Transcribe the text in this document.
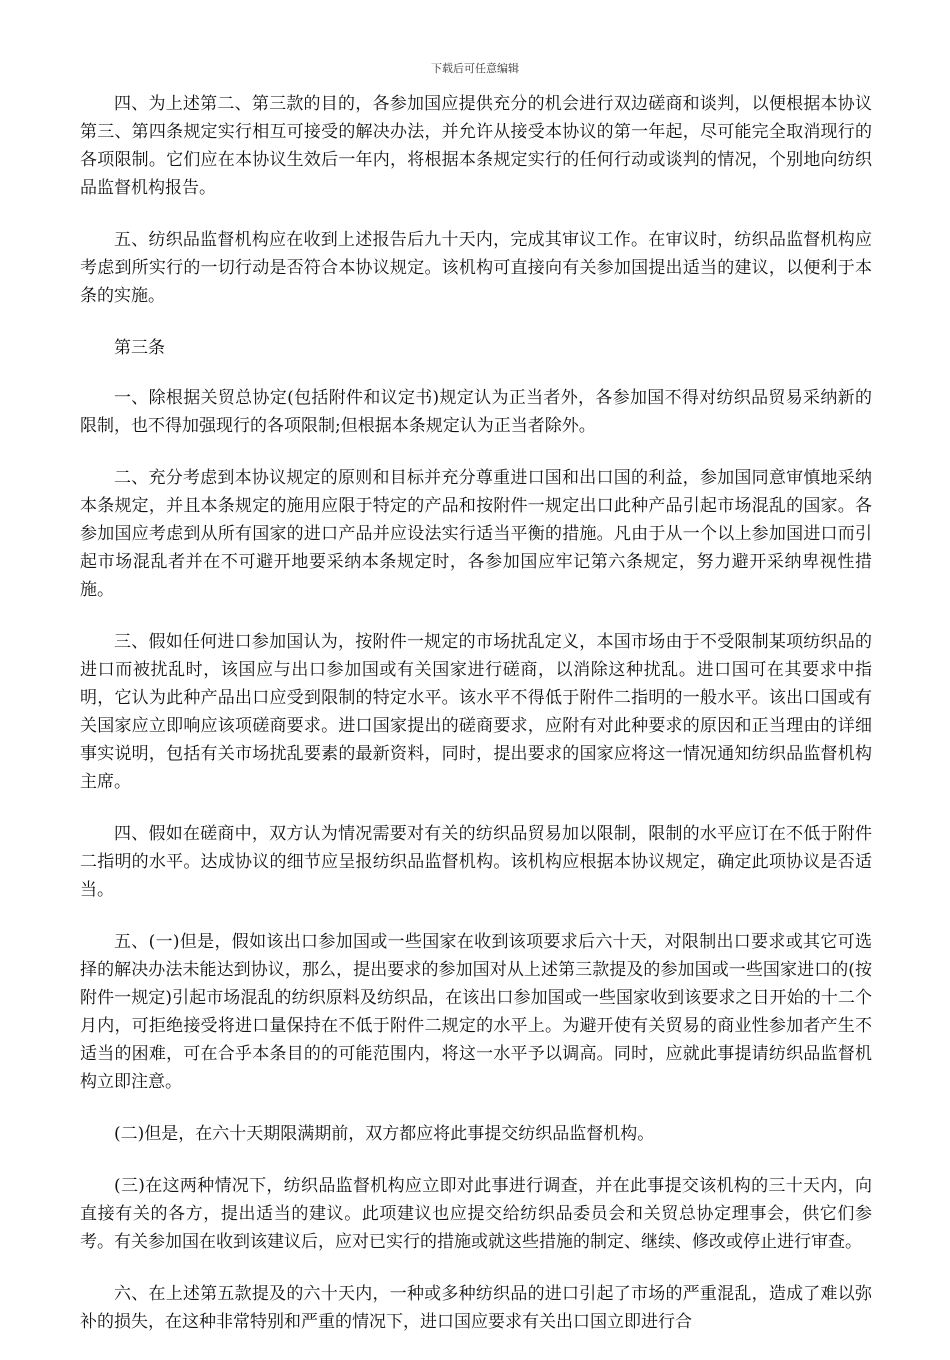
下载后可任意编辑

四、为上述第二、第三款的目的，各参加国应提供充分的机会进行双边磋商和谈判，以便根据本协议第三、第四条规定实行相互可接受的解决办法，并允许从接受本协议的第一年起，尽可能完全取消现行的各项限制。它们应在本协议生效后一年内，将根据本条规定实行的任何行动或谈判的情况，个别地向纺织品监督机构报告。

五、纺织品监督机构应在收到上述报告后九十天内，完成其审议工作。在审议时，纺织品监督机构应考虑到所实行的一切行动是否符合本协议规定。该机构可直接向有关参加国提出适当的建议，以便利于本条的实施。

第三条

一、除根据关贸总协定(包括附件和议定书)规定认为正当者外，各参加国不得对纺织品贸易采纳新的限制，也不得加强现行的各项限制;但根据本条规定认为正当者除外。

二、充分考虑到本协议规定的原则和目标并充分尊重进口国和出口国的利益，参加国同意审慎地采纳本条规定，并且本条规定的施用应限于特定的产品和按附件一规定出口此种产品引起市场混乱的国家。各参加国应考虑到从所有国家的进口产品并应设法实行适当平衡的措施。凡由于从一个以上参加国进口而引起市场混乱者并在不可避开地要采纳本条规定时，各参加国应牢记第六条规定，努力避开采纳卑视性措施。

三、假如任何进口参加国认为，按附件一规定的市场扰乱定义，本国市场由于不受限制某项纺织品的进口而被扰乱时，该国应与出口参加国或有关国家进行磋商，以消除这种扰乱。进口国可在其要求中指明，它认为此种产品出口应受到限制的特定水平。该水平不得低于附件二指明的一般水平。该出口国或有关国家应立即响应该项磋商要求。进口国家提出的磋商要求，应附有对此种要求的原因和正当理由的详细事实说明，包括有关市场扰乱要素的最新资料，同时，提出要求的国家应将这一情况通知纺织品监督机构主席。

四、假如在磋商中，双方认为情况需要对有关的纺织品贸易加以限制，限制的水平应订在不低于附件二指明的水平。达成协议的细节应呈报纺织品监督机构。该机构应根据本协议规定，确定此项协议是否适当。

五、(一)但是，假如该出口参加国或一些国家在收到该项要求后六十天，对限制出口要求或其它可选择的解决办法未能达到协议，那么，提出要求的参加国对从上述第三款提及的参加国或一些国家进口的(按附件一规定)引起市场混乱的纺织原料及纺织品，在该出口参加国或一些国家收到该要求之日开始的十二个月内，可拒绝接受将进口量保持在不低于附件二规定的水平上。为避开使有关贸易的商业性参加者产生不适当的困难，可在合乎本条目的的可能范围内，将这一水平予以调高。同时，应就此事提请纺织品监督机构立即注意。

(二)但是，在六十天期限满期前，双方都应将此事提交纺织品监督机构。

(三)在这两种情况下，纺织品监督机构应立即对此事进行调查，并在此事提交该机构的三十天内，向直接有关的各方，提出适当的建议。此项建议也应提交给纺织品委员会和关贸总协定理事会，供它们参考。有关参加国在收到该建议后，应对已实行的措施或就这些措施的制定、继续、修改或停止进行审查。

六、在上述第五款提及的六十天内，一种或多种纺织品的进口引起了市场的严重混乱，造成了难以弥补的损失，在这种非常特别和严重的情况下，进口国应要求有关出口国立即进行合
